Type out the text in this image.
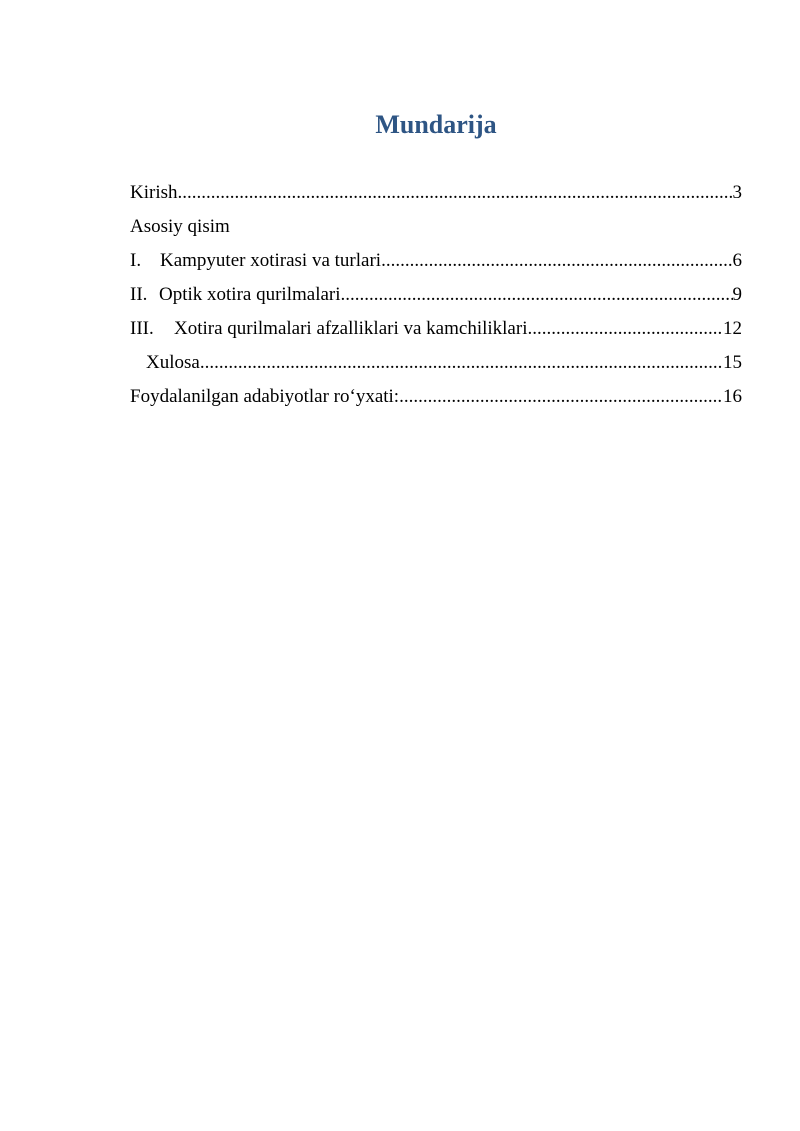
Mundarija
Kirish .....	3
Asosiy qisim
I. Kampyuter xotirasi va turlari .....	6
II. Optik xotira qurilmalari .....	9
III.	Xotira qurilmalari afzalliklari va kamchiliklari .....	12
Xulosa .....	15
Foydalanilgan adabiyotlar ro‘yxati: .....	16
